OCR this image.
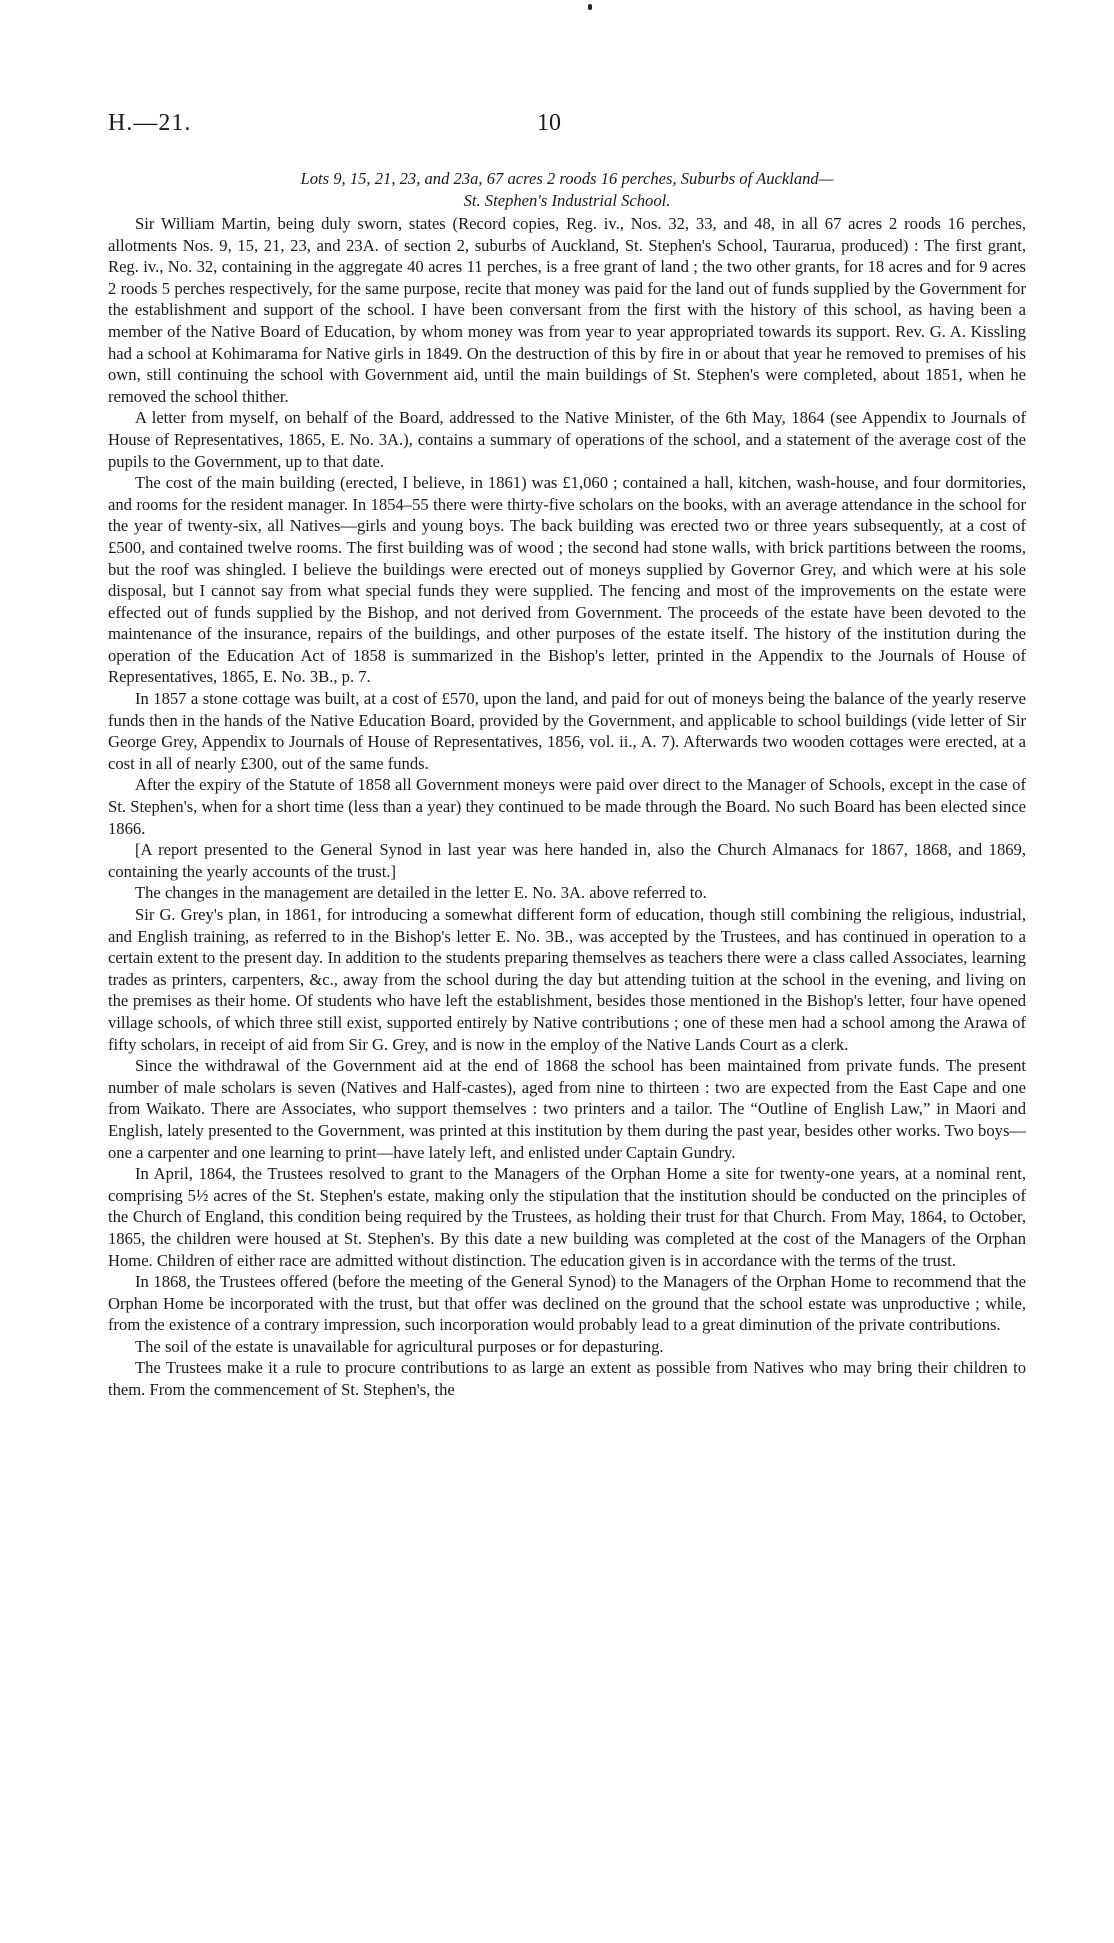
H.—21.	10
Lots 9, 15, 21, 23, and 23a, 67 acres 2 roods 16 perches, Suburbs of Auckland—
St. Stephen's Industrial School.

Sir William Martin, being duly sworn, states (Record copies, Reg. iv., Nos. 32, 33, and 48, in all 67 acres 2 roods 16 perches, allotments Nos. 9, 15, 21, 23, and 23A. of section 2, suburbs of Auckland, St. Stephen's School, Taurarua, produced) : The first grant, Reg. iv., No. 32, containing in the aggregate 40 acres 11 perches, is a free grant of land ; the two other grants, for 18 acres and for 9 acres 2 roods 5 perches respectively, for the same purpose, recite that money was paid for the land out of funds supplied by the Government for the establishment and support of the school. I have been conversant from the first with the history of this school, as having been a member of the Native Board of Education, by whom money was from year to year appropriated towards its support. Rev. G. A. Kissling had a school at Kohimarama for Native girls in 1849. On the destruction of this by fire in or about that year he removed to premises of his own, still continuing the school with Government aid, until the main buildings of St. Stephen's were completed, about 1851, when he removed the school thither.

A letter from myself, on behalf of the Board, addressed to the Native Minister, of the 6th May, 1864 (see Appendix to Journals of House of Representatives, 1865, E. No. 3A.), contains a summary of operations of the school, and a statement of the average cost of the pupils to the Government, up to that date.

The cost of the main building (erected, I believe, in 1861) was £1,060 ; contained a hall, kitchen, wash-house, and four dormitories, and rooms for the resident manager. In 1854–55 there were thirty-five scholars on the books, with an average attendance in the school for the year of twenty-six, all Natives—girls and young boys. The back building was erected two or three years subsequently, at a cost of £500, and contained twelve rooms. The first building was of wood ; the second had stone walls, with brick partitions between the rooms, but the roof was shingled. I believe the buildings were erected out of moneys supplied by Governor Grey, and which were at his sole disposal, but I cannot say from what special funds they were supplied. The fencing and most of the improvements on the estate were effected out of funds supplied by the Bishop, and not derived from Government. The proceeds of the estate have been devoted to the maintenance of the insurance, repairs of the buildings, and other purposes of the estate itself. The history of the institution during the operation of the Education Act of 1858 is summarized in the Bishop's letter, printed in the Appendix to the Journals of House of Representatives, 1865, E. No. 3B., p. 7.

In 1857 a stone cottage was built, at a cost of £570, upon the land, and paid for out of moneys being the balance of the yearly reserve funds then in the hands of the Native Education Board, provided by the Government, and applicable to school buildings (vide letter of Sir George Grey, Appendix to Journals of House of Representatives, 1856, vol. ii., A. 7). Afterwards two wooden cottages were erected, at a cost in all of nearly £300, out of the same funds.

After the expiry of the Statute of 1858 all Government moneys were paid over direct to the Manager of Schools, except in the case of St. Stephen's, when for a short time (less than a year) they continued to be made through the Board. No such Board has been elected since 1866.

[A report presented to the General Synod in last year was here handed in, also the Church Almanacs for 1867, 1868, and 1869, containing the yearly accounts of the trust.]

The changes in the management are detailed in the letter E. No. 3A. above referred to.

Sir G. Grey's plan, in 1861, for introducing a somewhat different form of education, though still combining the religious, industrial, and English training, as referred to in the Bishop's letter E. No. 3B., was accepted by the Trustees, and has continued in operation to a certain extent to the present day. In addition to the students preparing themselves as teachers there were a class called Associates, learning trades as printers, carpenters, &c., away from the school during the day but attending tuition at the school in the evening, and living on the premises as their home. Of students who have left the establishment, besides those mentioned in the Bishop's letter, four have opened village schools, of which three still exist, supported entirely by Native contributions ; one of these men had a school among the Arawa of fifty scholars, in receipt of aid from Sir G. Grey, and is now in the employ of the Native Lands Court as a clerk.

Since the withdrawal of the Government aid at the end of 1868 the school has been maintained from private funds. The present number of male scholars is seven (Natives and Half-castes), aged from nine to thirteen : two are expected from the East Cape and one from Waikato. There are Associates, who support themselves : two printers and a tailor. The “Outline of English Law,” in Maori and English, lately presented to the Government, was printed at this institution by them during the past year, besides other works. Two boys—one a carpenter and one learning to print—have lately left, and enlisted under Captain Gundry.

In April, 1864, the Trustees resolved to grant to the Managers of the Orphan Home a site for twenty-one years, at a nominal rent, comprising 5½ acres of the St. Stephen's estate, making only the stipulation that the institution should be conducted on the principles of the Church of England, this condition being required by the Trustees, as holding their trust for that Church. From May, 1864, to October, 1865, the children were housed at St. Stephen's. By this date a new building was completed at the cost of the Managers of the Orphan Home. Children of either race are admitted without distinction. The education given is in accordance with the terms of the trust.

In 1868, the Trustees offered (before the meeting of the General Synod) to the Managers of the Orphan Home to recommend that the Orphan Home be incorporated with the trust, but that offer was declined on the ground that the school estate was unproductive ; while, from the existence of a contrary impression, such incorporation would probably lead to a great diminution of the private contributions.

The soil of the estate is unavailable for agricultural purposes or for depasturing.

The Trustees make it a rule to procure contributions to as large an extent as possible from Natives who may bring their children to them. From the commencement of St. Stephen's, the
